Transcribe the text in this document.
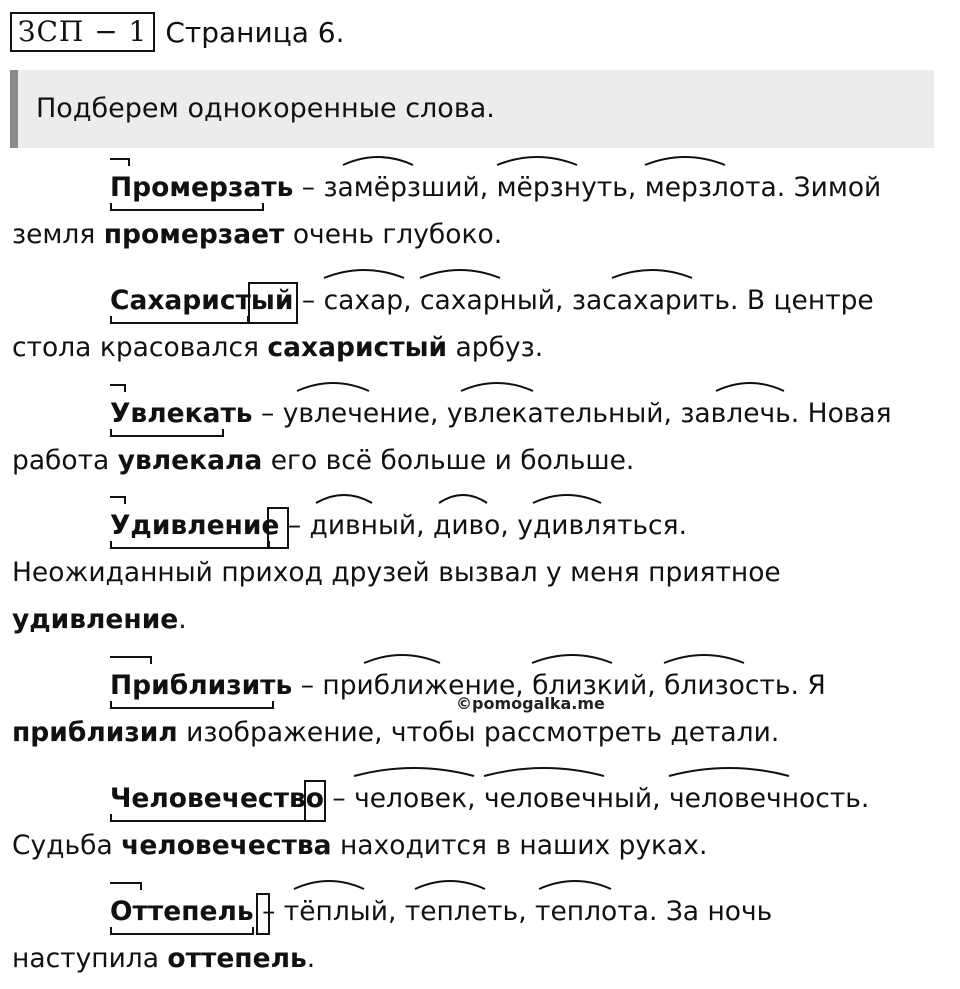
ЗСП − 1 Страница 6.
Подберем однокоренные слова.
Промерзать –
замёрзший,
мёрзнуть,
мерзлота. Зимой
земля промерзает очень глубоко.
Сахаристый –
сахар,
сахарный,
засахарить. В центре
стола красовался сахаристый арбуз.
Увлекать –
увлечение,
увлекательный,
завлечь. Новая
работа увлекала его всё больше и больше.
Удивление –
дивный,
диво,
удивляться.
Неожиданный приход друзей вызвал у меня приятное
удивление.
Приблизить –
приближение,
близкий,
близость. Я
приблизил изображение, чтобы рассмотреть детали.
©pomogalka.me
Человечество –
человек,
человечный,
человечность.
Судьба человечества находится в наших руках.
Оттепель –
тёплый,
теплеть,
теплота. За ночь
наступила оттепель.
